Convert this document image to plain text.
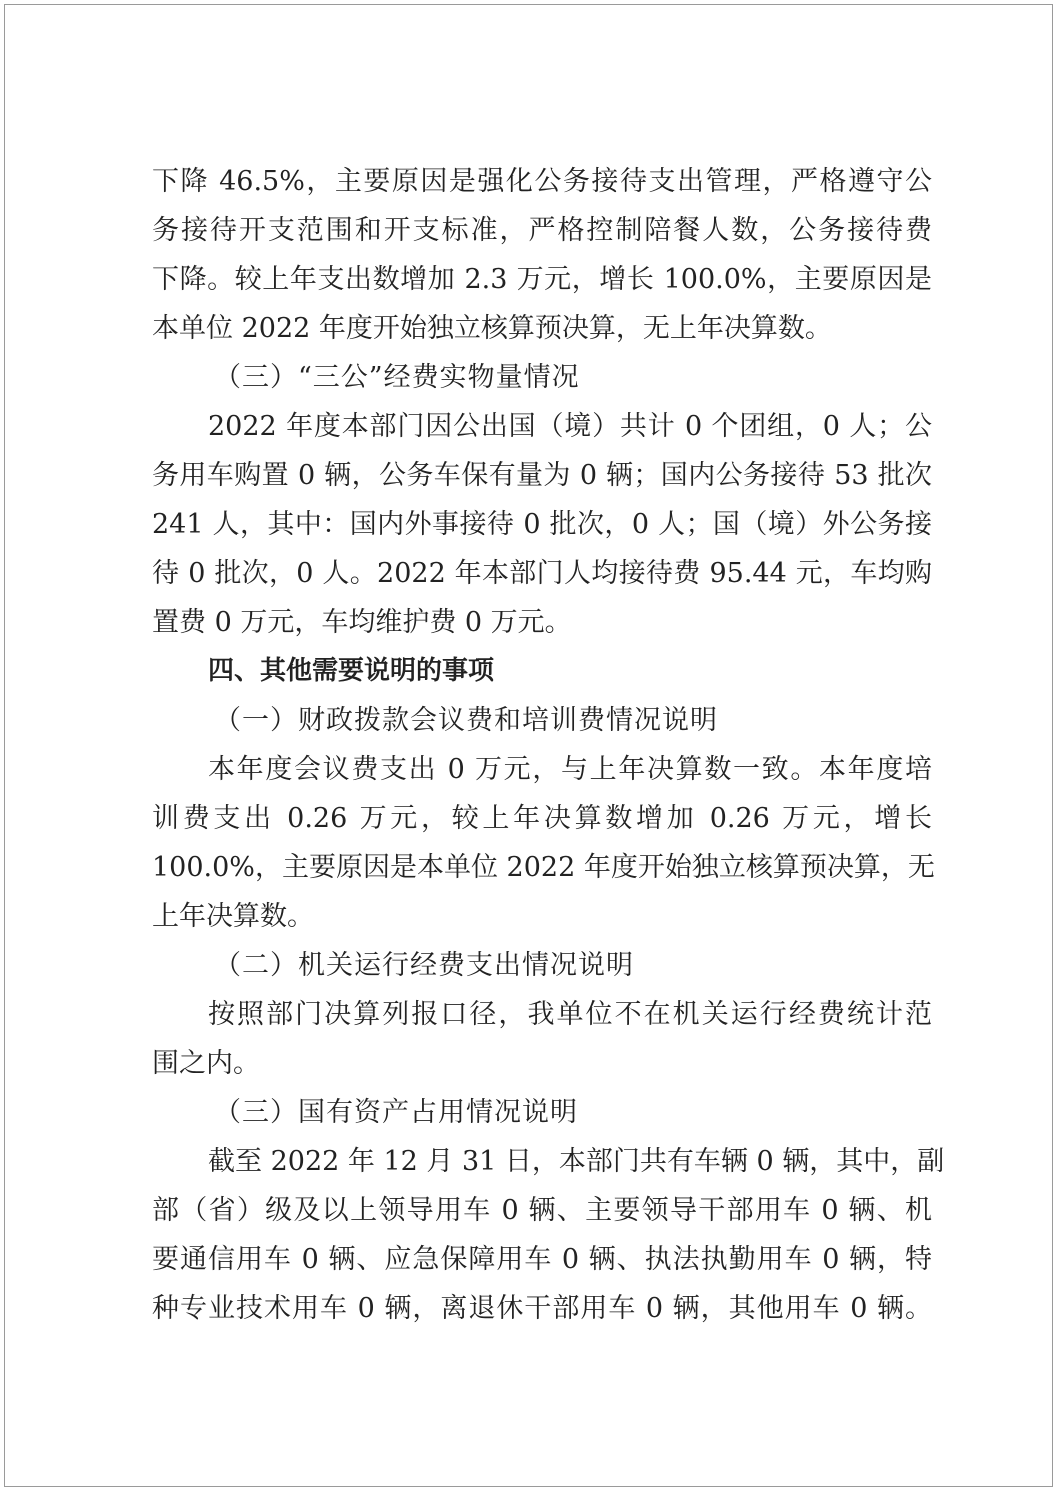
下降 46.5%，主要原因是强化公务接待支出管理，严格遵守公
务接待开支范围和开支标准，严格控制陪餐人数，公务接待费
下降。较上年支出数增加 2.3 万元，增长 100.0%，主要原因是
本单位 2022 年度开始独立核算预决算，无上年决算数。
（三）“三公”经费实物量情况
2022 年度本部门因公出国（境）共计 0 个团组，0 人；公
务用车购置 0 辆，公务车保有量为 0 辆；国内公务接待 53 批次
241 人，其中：国内外事接待 0 批次，0 人；国（境）外公务接
待 0 批次，0 人。2022 年本部门人均接待费 95.44 元，车均购
置费 0 万元，车均维护费 0 万元。
四、其他需要说明的事项
（一）财政拨款会议费和培训费情况说明
本年度会议费支出 0 万元，与上年决算数一致。本年度培
训费支出 0.26 万元，较上年决算数增加 0.26 万元，增长
100.0%，主要原因是本单位 2022 年度开始独立核算预决算，无
上年决算数。
（二）机关运行经费支出情况说明
按照部门决算列报口径，我单位不在机关运行经费统计范
围之内。
（三）国有资产占用情况说明
截至 2022 年 12 月 31 日，本部门共有车辆 0 辆，其中，副
部（省）级及以上领导用车 0 辆、主要领导干部用车 0 辆、机
要通信用车 0 辆、应急保障用车 0 辆、执法执勤用车 0 辆，特
种专业技术用车 0 辆，离退休干部用车 0 辆，其他用车 0 辆。
